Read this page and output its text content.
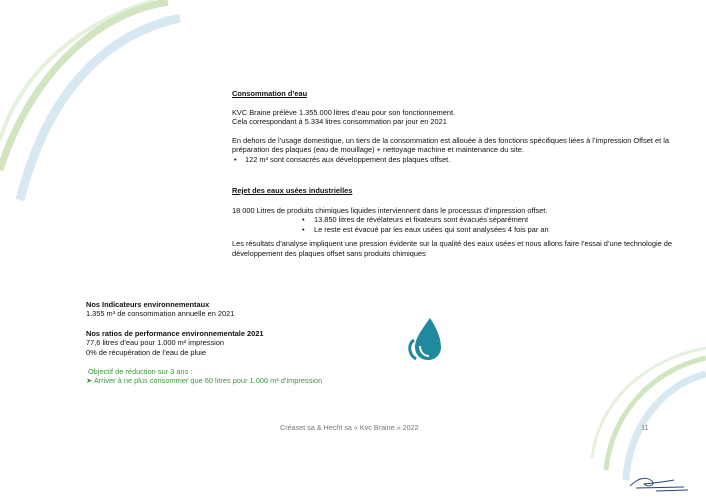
Consommation d’eau

KVC Braine prélève 1.355.000 litres d’eau pour son fonctionnement.

Cela correspondant à 5.334 litres consommation par jour en 2021

En dehors de l’usage domestique, un tiers de la consommation est allouée à des fonctions spécifiques liées à l’impression Offset et la préparation des plaques (eau de mouillage) + nettoyage machine et maintenance du site.

• 122 m³ sont consacrés aux développement des plaques offset.

Rejet des eaux usées industrielles

18 000 Litres de produits chimiques liquides interviennent dans le processus d’impression offset.

• 13.850 litres de révélateurs et fixateurs sont évacués séparément
• Le reste est évacué par les eaux usées qui sont analysées 4 fois par an

Les résultats d’analyse impliquent une pression évidente sur la qualité des eaux usées et nous allons faire l’essai d’une technologie de développement des plaques offset sans produits chimiques

Nos Indicateurs environnementaux

1.355 m³ de consommation annuelle en 2021

Nos ratios de performance environnementale 2021

77,6 litres d’eau pour 1.000 m² impression

0% de récupération de l’eau de pluie

Objectif de réduction sur 3 ans :

➤ Arriver à ne plus consommer que 60 litres pour 1.000 m² d’impression

Créaset sa & Hecht sa « Kvc Braine » 2022	11
